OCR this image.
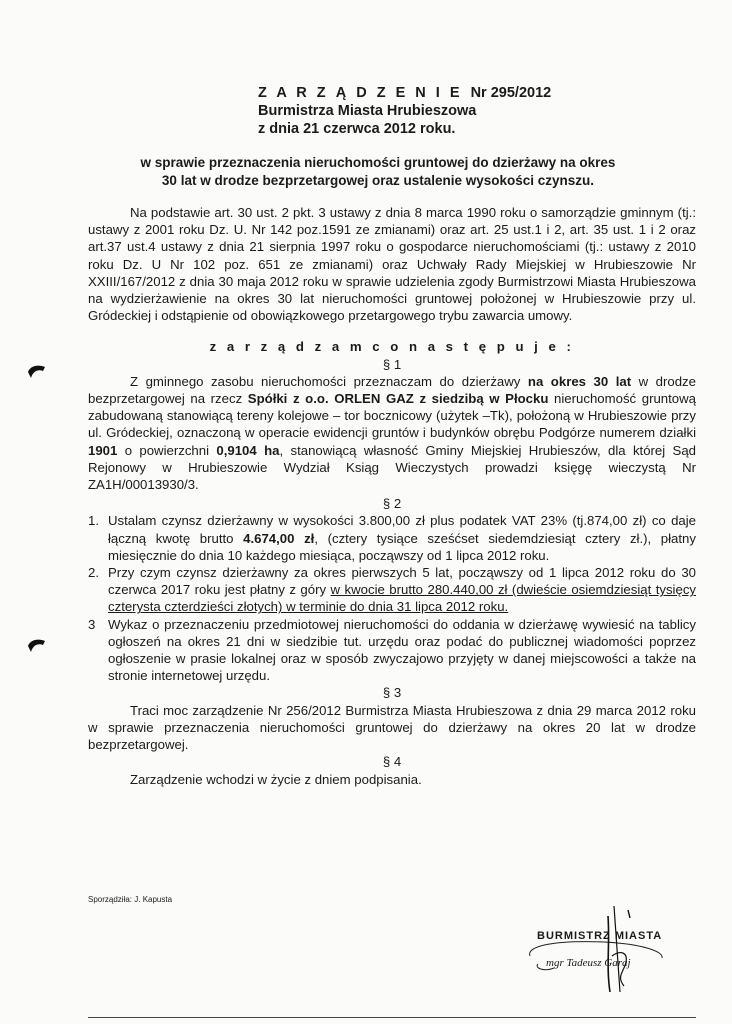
Z A R Z Ą D Z E N I E Nr 295/2012
Burmistrza Miasta Hrubieszowa
z dnia 21 czerwca 2012 roku.
w sprawie przeznaczenia nieruchomości gruntowej do dzierżawy na okres
30 lat w drodze bezprzetargowej oraz ustalenie wysokości czynszu.

Na podstawie art. 30 ust. 2 pkt. 3 ustawy z dnia 8 marca 1990 roku o samorządzie gminnym (tj.: ustawy z 2001 roku Dz. U. Nr 142 poz.1591 ze zmianami) oraz art. 25 ust.1 i 2, art. 35 ust. 1 i 2 oraz art.37 ust.4 ustawy z dnia 21 sierpnia 1997 roku o gospodarce nieruchomościami (tj.: ustawy z 2010 roku Dz. U Nr 102 poz. 651 ze zmianami) oraz Uchwały Rady Miejskiej w Hrubieszowie Nr XXIII/167/2012 z dnia 30 maja 2012 roku w sprawie udzielenia zgody Burmistrzowi Miasta Hrubieszowa na wydzierżawienie na okres 30 lat nieruchomości gruntowej położonej w Hrubieszowie przy ul. Gródeckiej i odstąpienie od obowiązkowego przetargowego trybu zawarcia umowy.

z a r z ą d z a m c o n a s t ę p u j e :

§ 1

Z gminnego zasobu nieruchomości przeznaczam do dzierżawy na okres 30 lat w drodze bezprzetargowej na rzecz Spółki z o.o. ORLEN GAZ z siedzibą w Płocku nieruchomość gruntową zabudowaną stanowiącą tereny kolejowe – tor bocznicowy (użytek –Tk), położoną w Hrubieszowie przy ul. Gródeckiej, oznaczoną w operacie ewidencji gruntów i budynków obrębu Podgórze numerem działki 1901 o powierzchni 0,9104 ha, stanowiącą własność Gminy Miejskiej Hrubieszów, dla której Sąd Rejonowy w Hrubieszowie Wydział Ksiąg Wieczystych prowadzi księgę wieczystą Nr ZA1H/00013930/3.

§ 2

1. Ustalam czynsz dzierżawny w wysokości 3.800,00 zł plus podatek VAT 23% (tj.874,00 zł) co daje łączną kwotę brutto 4.674,00 zł, (cztery tysiące sześćset siedemdziesiąt cztery zł.), płatny miesięcznie do dnia 10 każdego miesiąca, począwszy od 1 lipca 2012 roku.
2. Przy czym czynsz dzierżawny za okres pierwszych 5 lat, począwszy od 1 lipca 2012 roku do 30 czerwca 2017 roku jest płatny z góry w kwocie brutto 280.440,00 zł (dwieście osiemdziesiąt tysięcy czterysta czterdzieści złotych) w terminie do dnia 31 lipca 2012 roku.
3 Wykaz o przeznaczeniu przedmiotowej nieruchomości do oddania w dzierżawę wywiesić na tablicy ogłoszeń na okres 21 dni w siedzibie tut. urzędu oraz podać do publicznej wiadomości poprzez ogłoszenie w prasie lokalnej oraz w sposób zwyczajowo przyjęty w danej miejscowości a także na stronie internetowej urzędu.

§ 3

Traci moc zarządzenie Nr 256/2012 Burmistrza Miasta Hrubieszowa z dnia 29 marca 2012 roku w sprawie przeznaczenia nieruchomości gruntowej do dzierżawy na okres 20 lat w drodze bezprzetargowej.

§ 4

Zarządzenie wchodzi w życie z dniem podpisania.

Sporządziła: J. Kapusta
BURMISTRZ MIASTA
mgr Tadeusz Garaj
